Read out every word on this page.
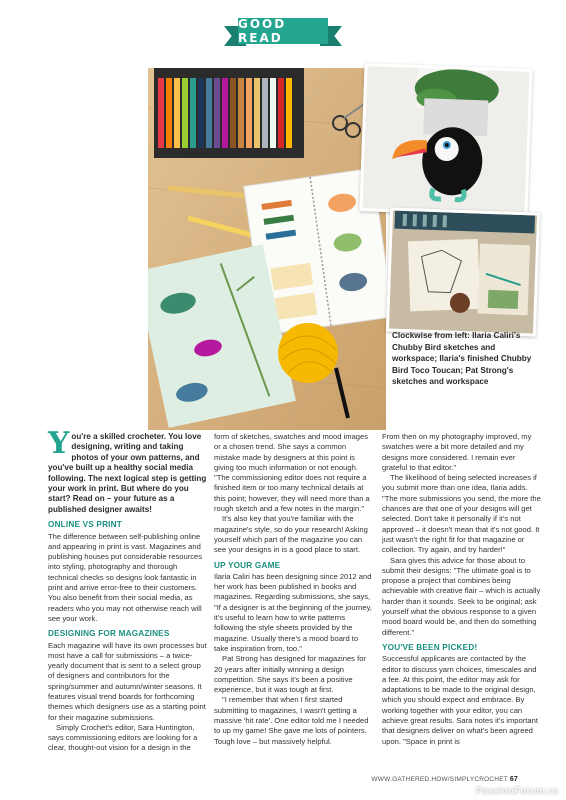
GOOD READ
Clockwise from left: Ilaria Caliri's Chubby Bird sketches and workspace; Ilaria's finished Chubby Bird Toco Toucan; Pat Strong's sketches and workspace

You're a skilled crocheter. You love designing, writing and taking photos of your own patterns, and you've built up a healthy social media following. The next logical step is getting your work in print. But where do you start? Read on – your future as a published designer awaits!

ONLINE VS PRINT

The difference between self-publishing online and appearing in print is vast. Magazines and publishing houses put considerable resources into styling, photography and thorough technical checks so designs look fantastic in print and arrive error-free to their customers. You also benefit from their social media, as readers who you may not otherwise reach will see your work.

DESIGNING FOR MAGAZINES

Each magazine will have its own processes but most have a call for submissions – a twice-yearly document that is sent to a select group of designers and contributors for the spring/summer and autumn/winter seasons. It features visual trend boards for forthcoming themes which designers use as a starting point for their magazine submissions.

Simply Crochet's editor, Sara Huntington, says commissioning editors are looking for a clear, thought-out vision for a design in the

form of sketches, swatches and mood images or a chosen trend. She says a common mistake made by designers at this point is giving too much information or not enough. "The commissioning editor does not require a finished item or too many technical details at this point; however, they will need more than a rough sketch and a few notes in the margin."

It's also key that you're familiar with the magazine's style, so do your research! Asking yourself which part of the magazine you can see your designs in is a good place to start.

UP YOUR GAME

Ilaria Caliri has been designing since 2012 and her work has been published in books and magazines. Regarding submissions, she says, "If a designer is at the beginning of the journey, it's useful to learn how to write patterns following the style sheets provided by the magazine. Usually there's a mood board to take inspiration from, too."

Pat Strong has designed for magazines for 20 years after initially winning a design competition. She says it's been a positive experience, but it was tough at first.

"I remember that when I first started submitting to magazines, I wasn't getting a massive 'hit rate'. One editor told me I needed to up my game! She gave me lots of pointers. Tough love – but massively helpful.

From then on my photography improved, my swatches were a bit more detailed and my designs more considered. I remain ever grateful to that editor."

The likelihood of being selected increases if you submit more than one idea, Ilaria adds. "The more submissions you send, the more the chances are that one of your designs will get selected. Don't take it personally if it's not approved – it doesn't mean that it's not good. It just wasn't the right fit for that magazine or collection. Try again, and try harder!"

Sara gives this advice for those about to submit their designs: "The ultimate goal is to propose a project that combines being achievable with creative flair – which is actually harder than it sounds. Seek to be original; ask yourself what the obvious response to a given mood board would be, and then do something different."

YOU'VE BEEN PICKED!

Successful applicants are contacted by the editor to discuss yarn choices, timescales and a fee. At this point, the editor may ask for adaptations to be made to the original design, which you should expect and embrace. By working together with your editor, you can achieve great results. Sara notes it's important that designers deliver on what's been agreed upon. "Space in print is

WWW.GATHERED.HOW/SIMPLYCROCHET 67
PassionForum.ru
